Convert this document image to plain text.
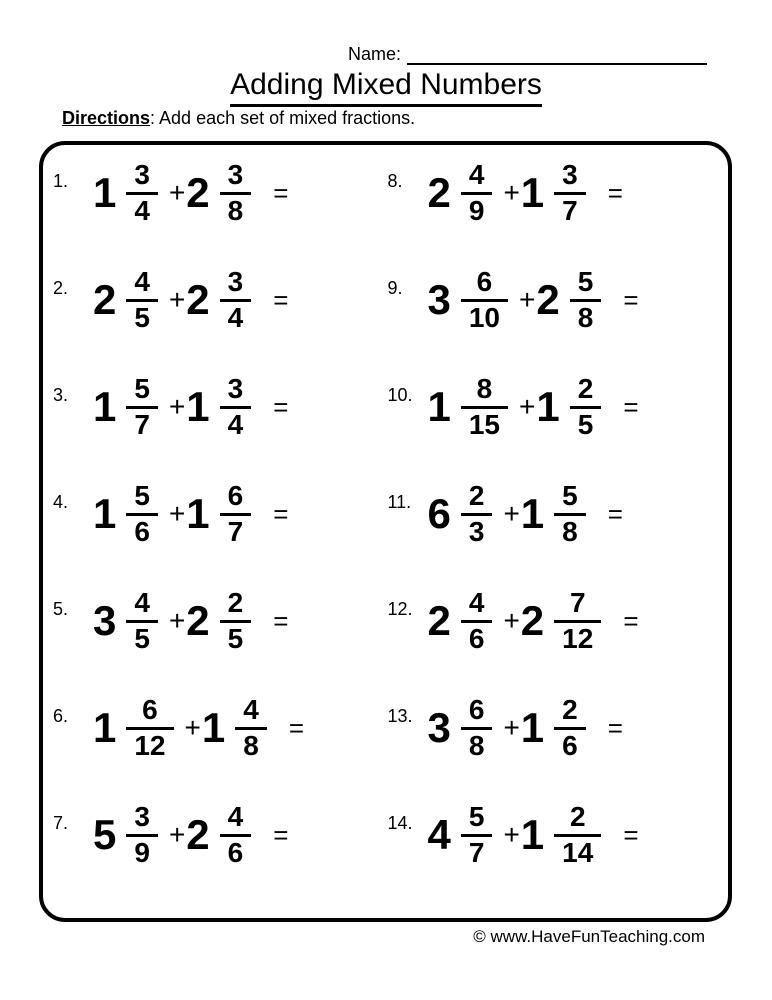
Name:
Adding Mixed Numbers
Directions: Add each set of mixed fractions.
1. $1 \frac{3}{4} + 2 \frac{3}{8}$ =
2. $2 \frac{4}{5} + 2 \frac{3}{4}$ =
3. $1 \frac{5}{7} + 1 \frac{3}{4}$ =
4. $1 \frac{5}{6} + 1 \frac{6}{7}$ =
5. $3 \frac{4}{5} + 2 \frac{2}{5}$ =
6. $1 \frac{6}{12} + 1 \frac{4}{8}$ =
7. $5 \frac{3}{9} + 2 \frac{4}{6}$ =
8. $2 \frac{4}{9} + 1 \frac{3}{7}$ =
9. $3 \frac{6}{10} + 2 \frac{5}{8}$ =
10. $1 \frac{8}{15} + 1 \frac{2}{5}$ =
11. $6 \frac{2}{3} + 1 \frac{5}{8}$ =
12. $2 \frac{4}{6} + 2 \frac{7}{12}$ =
13. $3 \frac{6}{8} + 1 \frac{2}{6}$ =
14. $4 \frac{5}{7} + 1 \frac{2}{14}$ =
© www.HaveFunTeaching.com
